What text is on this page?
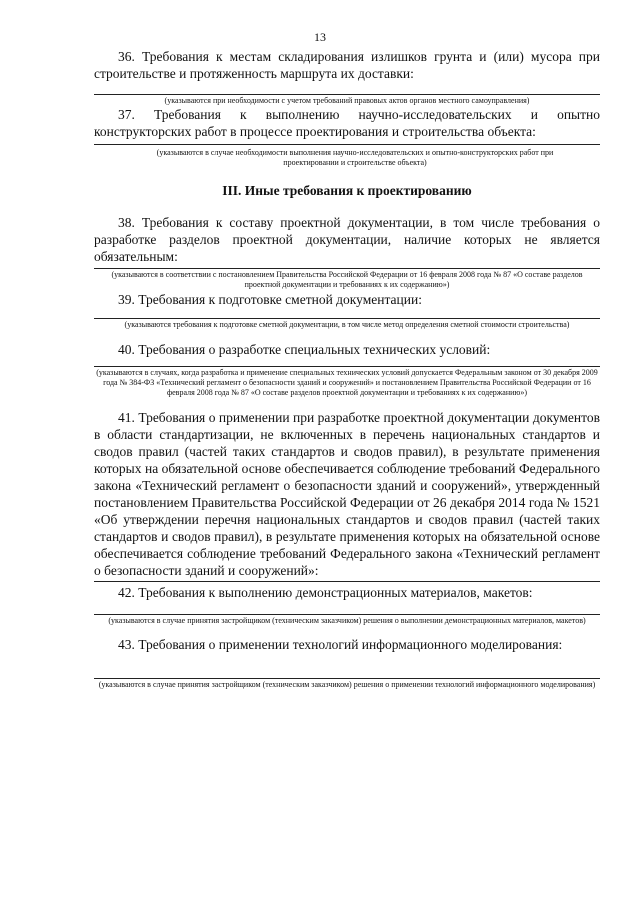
13
36. Требования к местам складирования излишков грунта и (или) мусора при строительстве и протяженность маршрута их доставки:
(указываются при необходимости с учетом требований правовых актов органов местного самоуправления)
37. Требования к выполнению научно-исследовательских и опытно конструкторских работ в процессе проектирования и строительства объекта:
(указываются в случае необходимости выполнения научно-исследовательских и опытно-конструкторских работ при проектировании и строительстве объекта)
III. Иные требования к проектированию
38. Требования к составу проектной документации, в том числе требования о разработке разделов проектной документации, наличие которых не является обязательным:
(указываются в соответствии с постановлением Правительства Российской Федерации от 16 февраля 2008 года № 87 «О составе разделов проектной документации и требованиях к их содержанию»)
39. Требования к подготовке сметной документации:
(указываются требования к подготовке сметной документации, в том числе метод определения сметной стоимости строительства)
40. Требования о разработке специальных технических условий:
(указываются в случаях, когда разработка и применение специальных технических условий допускается Федеральным законом от 30 декабря 2009 года № 384-ФЗ «Технический регламент о безопасности зданий и сооружений» и постановлением Правительства Российской Федерации от 16 февраля 2008 года № 87 «О составе разделов проектной документации и требованиях к их содержанию»)
41. Требования о применении при разработке проектной документации документов в области стандартизации, не включенных в перечень национальных стандартов и сводов правил (частей таких стандартов и сводов правил), в результате применения которых на обязательной основе обеспечивается соблюдение требований Федерального закона «Технический регламент о безопасности зданий и сооружений», утвержденный постановлением Правительства Российской Федерации от 26 декабря 2014 года № 1521 «Об утверждении перечня национальных стандартов и сводов правил (частей таких стандартов и сводов правил), в результате применения которых на обязательной основе обеспечивается соблюдение требований Федерального закона «Технический регламент о безопасности зданий и сооружений»:
42. Требования к выполнению демонстрационных материалов, макетов:
(указываются в случае принятия застройщиком (техническим заказчиком) решения о выполнении демонстрационных материалов, макетов)
43. Требования о применении технологий информационного моделирования:
(указываются в случае принятия застройщиком (техническим заказчиком) решения о применении технологий информационного моделирования)
